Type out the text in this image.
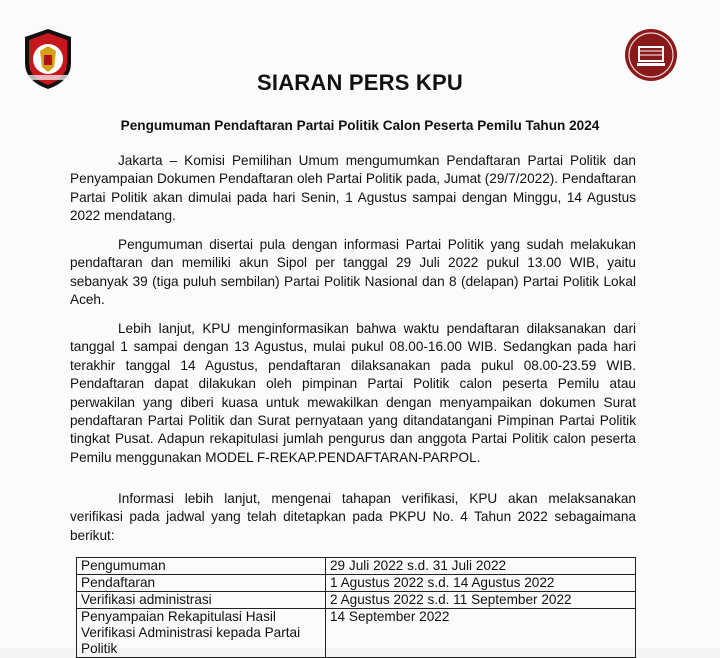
SIARAN PERS KPU
Pengumuman Pendaftaran Partai Politik Calon Peserta Pemilu Tahun 2024
Jakarta – Komisi Pemilihan Umum mengumumkan Pendaftaran Partai Politik dan Penyampaian Dokumen Pendaftaran oleh Partai Politik pada, Jumat (29/7/2022). Pendaftaran Partai Politik akan dimulai pada hari Senin, 1 Agustus sampai dengan Minggu, 14 Agustus 2022 mendatang.
Pengumuman disertai pula dengan informasi Partai Politik yang sudah melakukan pendaftaran dan memiliki akun Sipol per tanggal 29 Juli 2022 pukul 13.00 WIB, yaitu sebanyak 39 (tiga puluh sembilan) Partai Politik Nasional dan 8 (delapan) Partai Politik Lokal Aceh.
Lebih lanjut, KPU menginformasikan bahwa waktu pendaftaran dilaksanakan dari tanggal 1 sampai dengan 13 Agustus, mulai pukul 08.00-16.00 WIB. Sedangkan pada hari terakhir tanggal 14 Agustus, pendaftaran dilaksanakan pada pukul 08.00-23.59 WIB. Pendaftaran dapat dilakukan oleh pimpinan Partai Politik calon peserta Pemilu atau perwakilan yang diberi kuasa untuk mewakilkan dengan menyampaikan dokumen Surat pendaftaran Partai Politik dan Surat pernyataan yang ditandatangani Pimpinan Partai Politik tingkat Pusat. Adapun rekapitulasi jumlah pengurus dan anggota Partai Politik calon peserta Pemilu menggunakan MODEL F-REKAP.PENDAFTARAN-PARPOL.
Informasi lebih lanjut, mengenai tahapan verifikasi, KPU akan melaksanakan verifikasi pada jadwal yang telah ditetapkan pada PKPU No. 4 Tahun 2022 sebagaimana berikut:
Pengumuman	29 Juli 2022 s.d. 31 Juli 2022
Pendaftaran	1 Agustus 2022 s.d. 14 Agustus 2022
Verifikasi administrasi	2 Agustus 2022 s.d. 11 September 2022
Penyampaian Rekapitulasi Hasil Verifikasi Administrasi kepada Partai Politik	14 September 2022
